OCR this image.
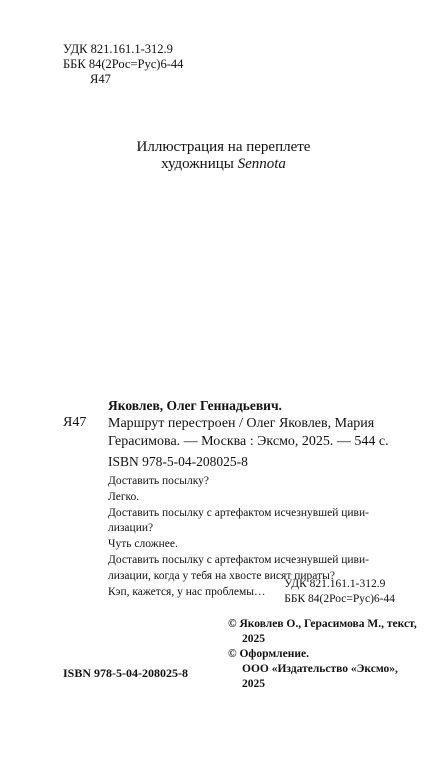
УДК 821.161.1-312.9
ББК 84(2Рос=Рус)6-44
Я47
Иллюстрация на переплете
художницы Sennota
Яковлев, Олег Геннадьевич.
Я47 Маршрут перестроен / Олег Яковлев, Мария
Герасимова. — Москва : Эксмо, 2025. — 544 с.
ISBN 978-5-04-208025-8

Доставить посылку?

Легко.

Доставить посылку с артефактом исчезнувшей циви-

лизации?

Чуть сложнее.

Доставить посылку с артефактом исчезнувшей циви-

лизации, когда у тебя на хвосте висят пираты?

Кэп, кажется, у нас проблемы…

УДК 821.161.1-312.9
ББК 84(2Рос=Рус)6-44
© Яковлев О., Герасимова М., текст,
2025
© Оформление.
ООО «Издательство «Эксмо»,
2025
ISBN 978-5-04-208025-8
